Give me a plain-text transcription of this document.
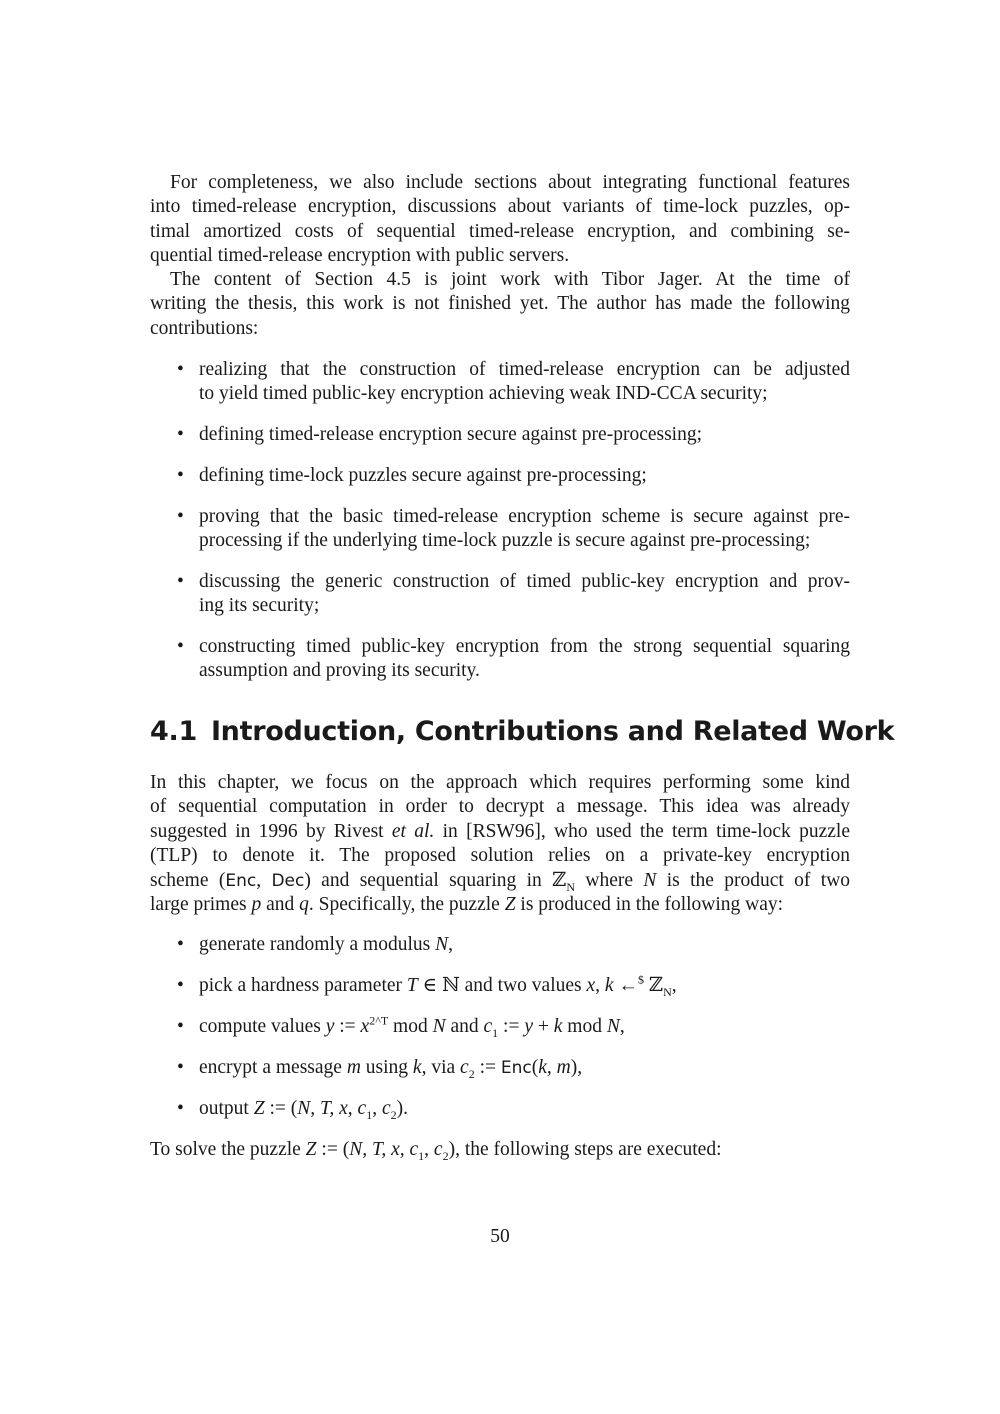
For completeness, we also include sections about integrating functional features
into timed-release encryption, discussions about variants of time-lock puzzles, op-
timal amortized costs of sequential timed-release encryption, and combining se-
quential timed-release encryption with public servers.
The content of Section 4.5 is joint work with Tibor Jager. At the time of
writing the thesis, this work is not finished yet. The author has made the following
contributions:
• realizing that the construction of timed-release encryption can be adjusted
to yield timed public-key encryption achieving weak IND-CCA security;
• defining timed-release encryption secure against pre-processing;
• defining time-lock puzzles secure against pre-processing;
• proving that the basic timed-release encryption scheme is secure against pre-
processing if the underlying time-lock puzzle is secure against pre-processing;
• discussing the generic construction of timed public-key encryption and prov-
ing its security;
• constructing timed public-key encryption from the strong sequential squaring
assumption and proving its security.
4.1 Introduction, Contributions and Related Work
In this chapter, we focus on the approach which requires performing some kind
of sequential computation in order to decrypt a message. This idea was already
suggested in 1996 by Rivest et al. in [RSW96], who used the term time-lock puzzle
(TLP) to denote it. The proposed solution relies on a private-key encryption
scheme (Enc, Dec) and sequential squaring in ℤ$_N$ where N is the product of two
large primes p and q. Specifically, the puzzle Z is produced in the following way:
• generate randomly a modulus N,
• pick a hardness parameter T ∈ ℕ and two values x, k ←$ ℤ$_N$,
• compute values y := $x^{2\^{}T}$ mod N and $c_1$ := y + k mod N,
• encrypt a message m using k, via $c_2$ := Enc(k, m),
• output Z := (N, T, x, $c_1$, $c_2$).
To solve the puzzle Z := (N, T, x, $c_1$, $c_2$), the following steps are executed:
50
